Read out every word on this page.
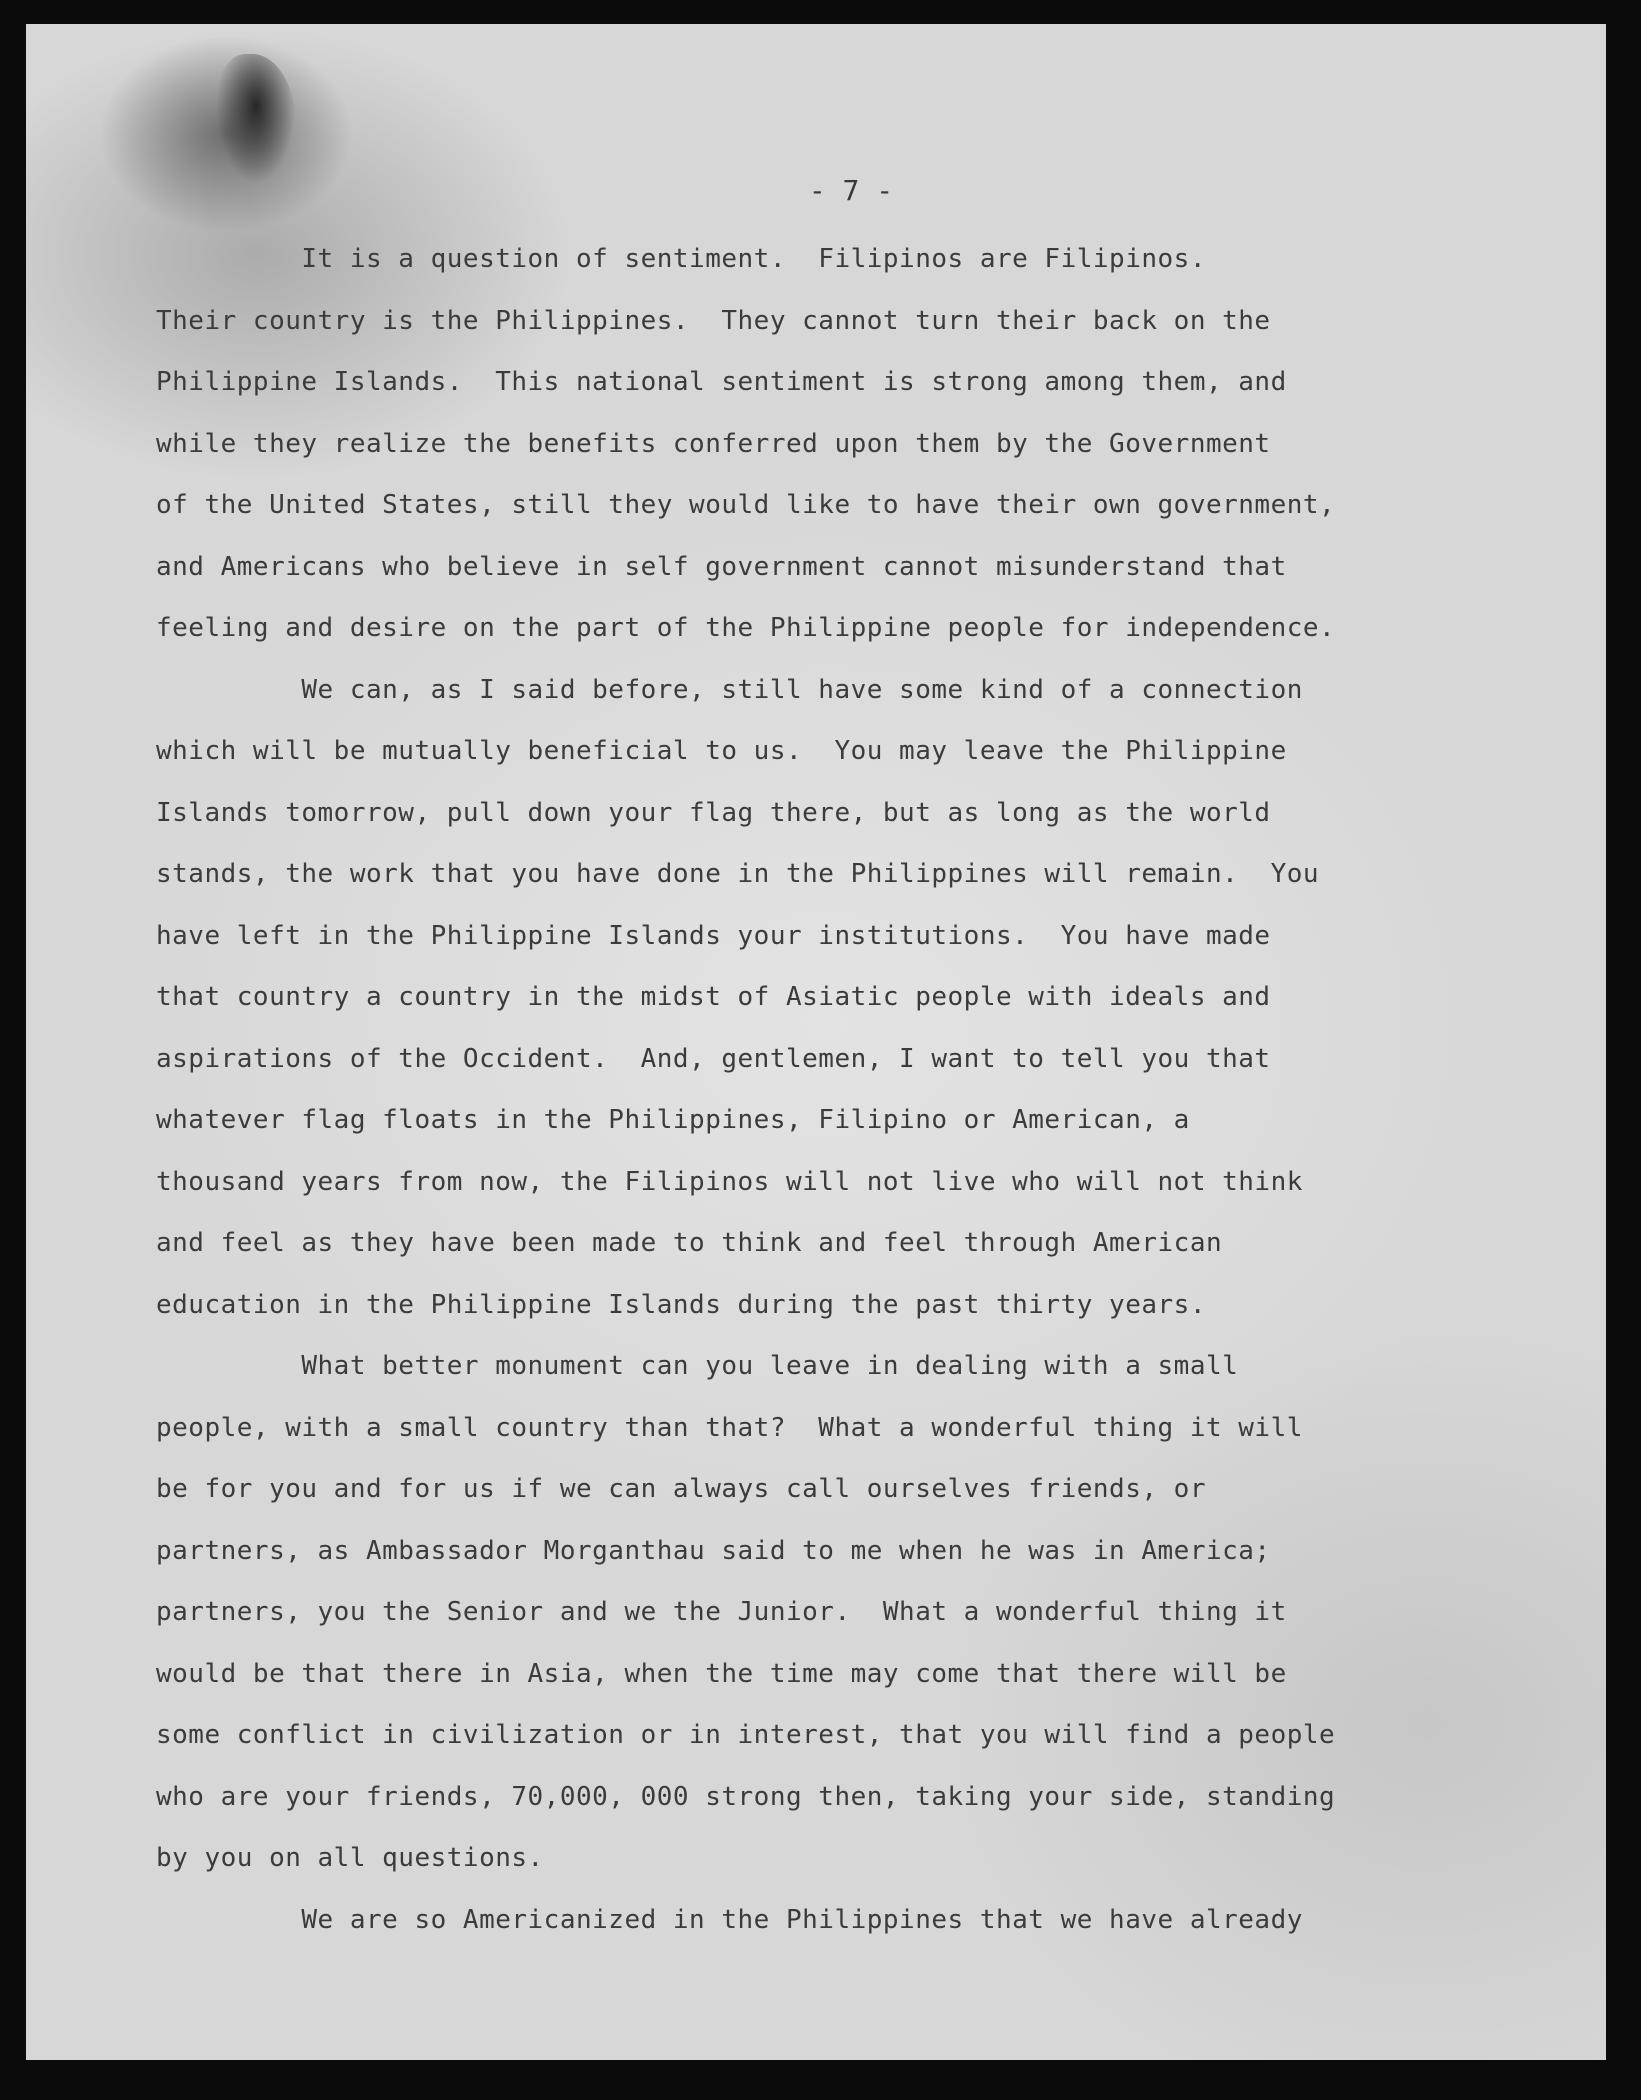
- 7 -
It is a question of sentiment.  Filipinos are Filipinos.
Their country is the Philippines.  They cannot turn their back on the
Philippine Islands.  This national sentiment is strong among them, and
while they realize the benefits conferred upon them by the Government
of the United States, still they would like to have their own government,
and Americans who believe in self government cannot misunderstand that
feeling and desire on the part of the Philippine people for independence.
We can, as I said before, still have some kind of a connection
which will be mutually beneficial to us.  You may leave the Philippine
Islands tomorrow, pull down your flag there, but as long as the world
stands, the work that you have done in the Philippines will remain.  You
have left in the Philippine Islands your institutions.  You have made
that country a country in the midst of Asiatic people with ideals and
aspirations of the Occident.  And, gentlemen, I want to tell you that
whatever flag floats in the Philippines, Filipino or American, a
thousand years from now, the Filipinos will not live who will not think
and feel as they have been made to think and feel through American
education in the Philippine Islands during the past thirty years.
What better monument can you leave in dealing with a small
people, with a small country than that?  What a wonderful thing it will
be for you and for us if we can always call ourselves friends, or
partners, as Ambassador Morganthau said to me when he was in America;
partners, you the Senior and we the Junior.  What a wonderful thing it
would be that there in Asia, when the time may come that there will be
some conflict in civilization or in interest, that you will find a people
who are your friends, 70,000, 000 strong then, taking your side, standing
by you on all questions.
We are so Americanized in the Philippines that we have already
